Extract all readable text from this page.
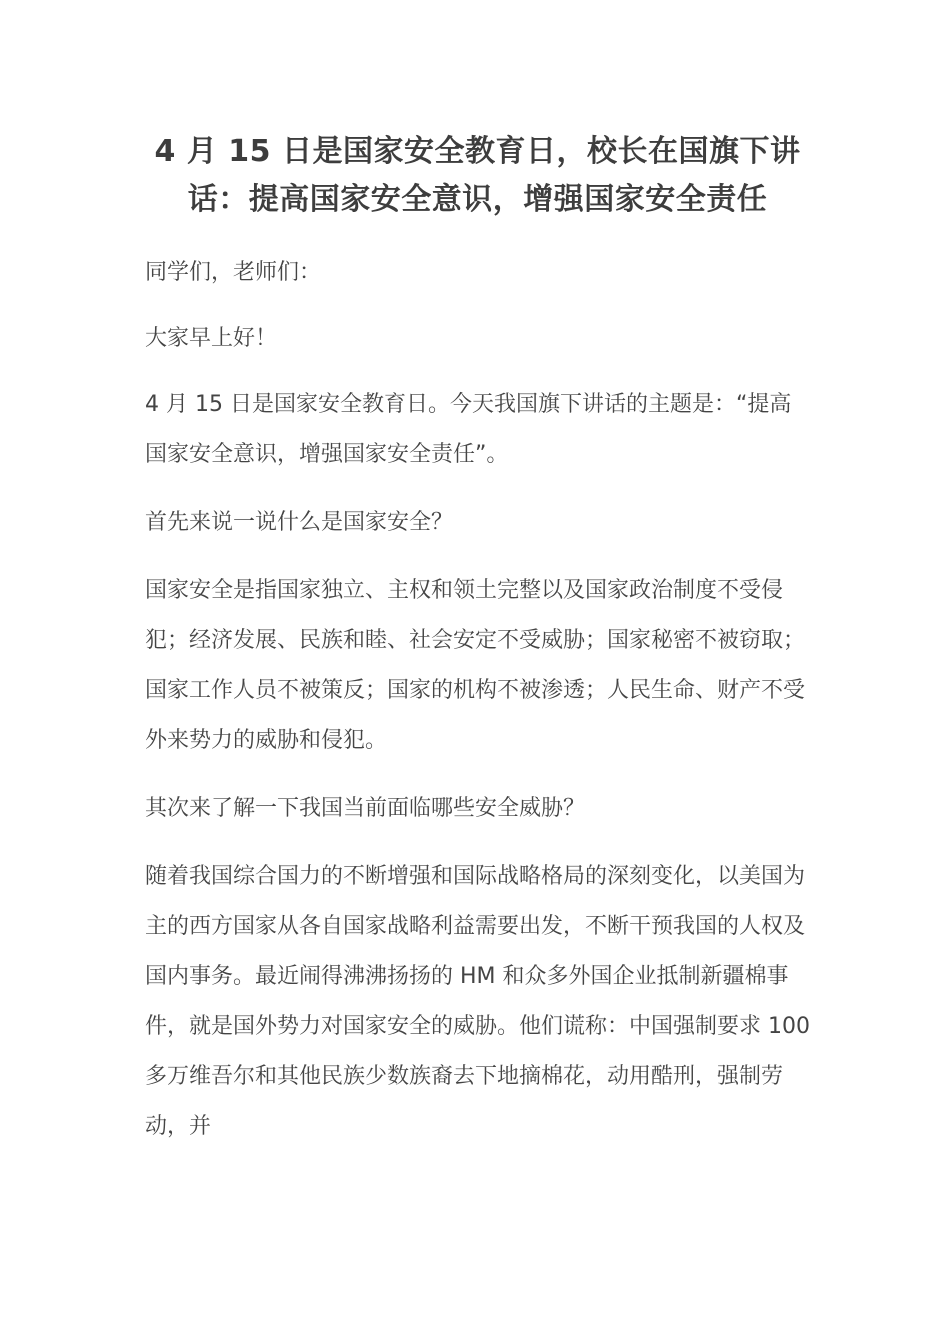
4 月 15 日是国家安全教育日，校长在国旗下讲话：提高国家安全意识，增强国家安全责任

同学们，老师们：

大家早上好！

4 月 15 日是国家安全教育日。今天我国旗下讲话的主题是：“提高国家安全意识，增强国家安全责任”。

首先来说一说什么是国家安全？

国家安全是指国家独立、主权和领土完整以及国家政治制度不受侵犯；经济发展、民族和睦、社会安定不受威胁；国家秘密不被窃取；国家工作人员不被策反；国家的机构不被渗透；人民生命、财产不受外来势力的威胁和侵犯。

其次来了解一下我国当前面临哪些安全威胁？

随着我国综合国力的不断增强和国际战略格局的深刻变化，以美国为主的西方国家从各自国家战略利益需要出发，不断干预我国的人权及国内事务。最近闹得沸沸扬扬的 HM 和众多外国企业抵制新疆棉事件，就是国外势力对国家安全的威胁。他们谎称：中国强制要求 100 多万维吾尔和其他民族少数族裔去下地摘棉花，动用酷刑，强制劳动，并
